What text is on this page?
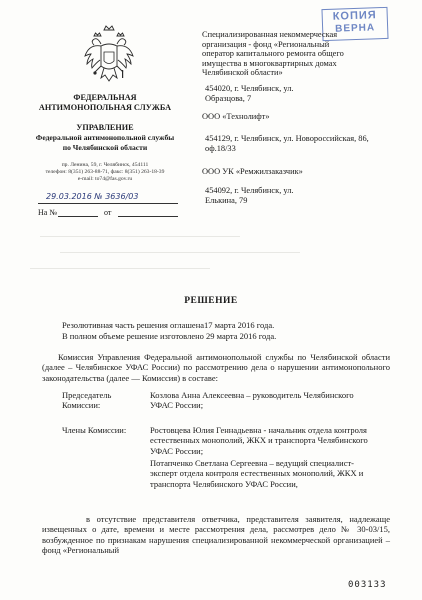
ФЕДЕРАЛЬНАЯ
АНТИМОНОПОЛЬНАЯ СЛУЖБА
УПРАВЛЕНИЕ
Федеральной антимонопольной службы
по Челябинской области
пр. Ленина, 59, г. Челябинск, 454111
телефон: 8(351) 263-88-71, факс: 8(351) 263-18-39
e-mail: to74@fas.gov.ru
29.03.2016 № 3636/03
На №	от
КОПИЯ
ВЕРНА
Специализированная некоммерческая организация - фонд «Региональный оператор капитального ремонта общего имущества в многоквартирных домах Челябинской области»
454020, г. Челябинск, ул. Образцова, 7
ООО «Технолифт»
454129, г. Челябинск, ул. Новороссийская, 86, оф.18/33
ООО УК «Ремжилзаказчик»
454092, г. Челябинск, ул. Елькина, 79
РЕШЕНИЕ
Резолютивная часть решения оглашена17 марта 2016 года.
В полном объеме решение изготовлено 29 марта 2016 года.
Комиссия Управления Федеральной антимонопольной службы по Челябинской области (далее – Челябинское УФАС России) по рассмотрению дела о нарушении антимонопольного законодательства (далее — Комиссия) в составе:
Председатель Комиссии:
Козлова Анна Алексеевна – руководитель Челябинского УФАС России;
Члены Комиссии:	Ростовцева Юлия Геннадьевна - начальник отдела контроля естественных монополий, ЖКХ и транспорта Челябинского УФАС России;
Потапченко Светлана Сергеевна – ведущий специалист-эксперт отдела контроля естественных монополий, ЖКХ и транспорта Челябинского УФАС России,
в отсутствие представителя ответчика, представителя заявителя, надлежаще извещенных о дате, времени и месте рассмотрения дела, рассмотрев дело № 30-03/15, возбужденное по признакам нарушения специализированной некоммерческой организацией – фонд «Региональный
003133
